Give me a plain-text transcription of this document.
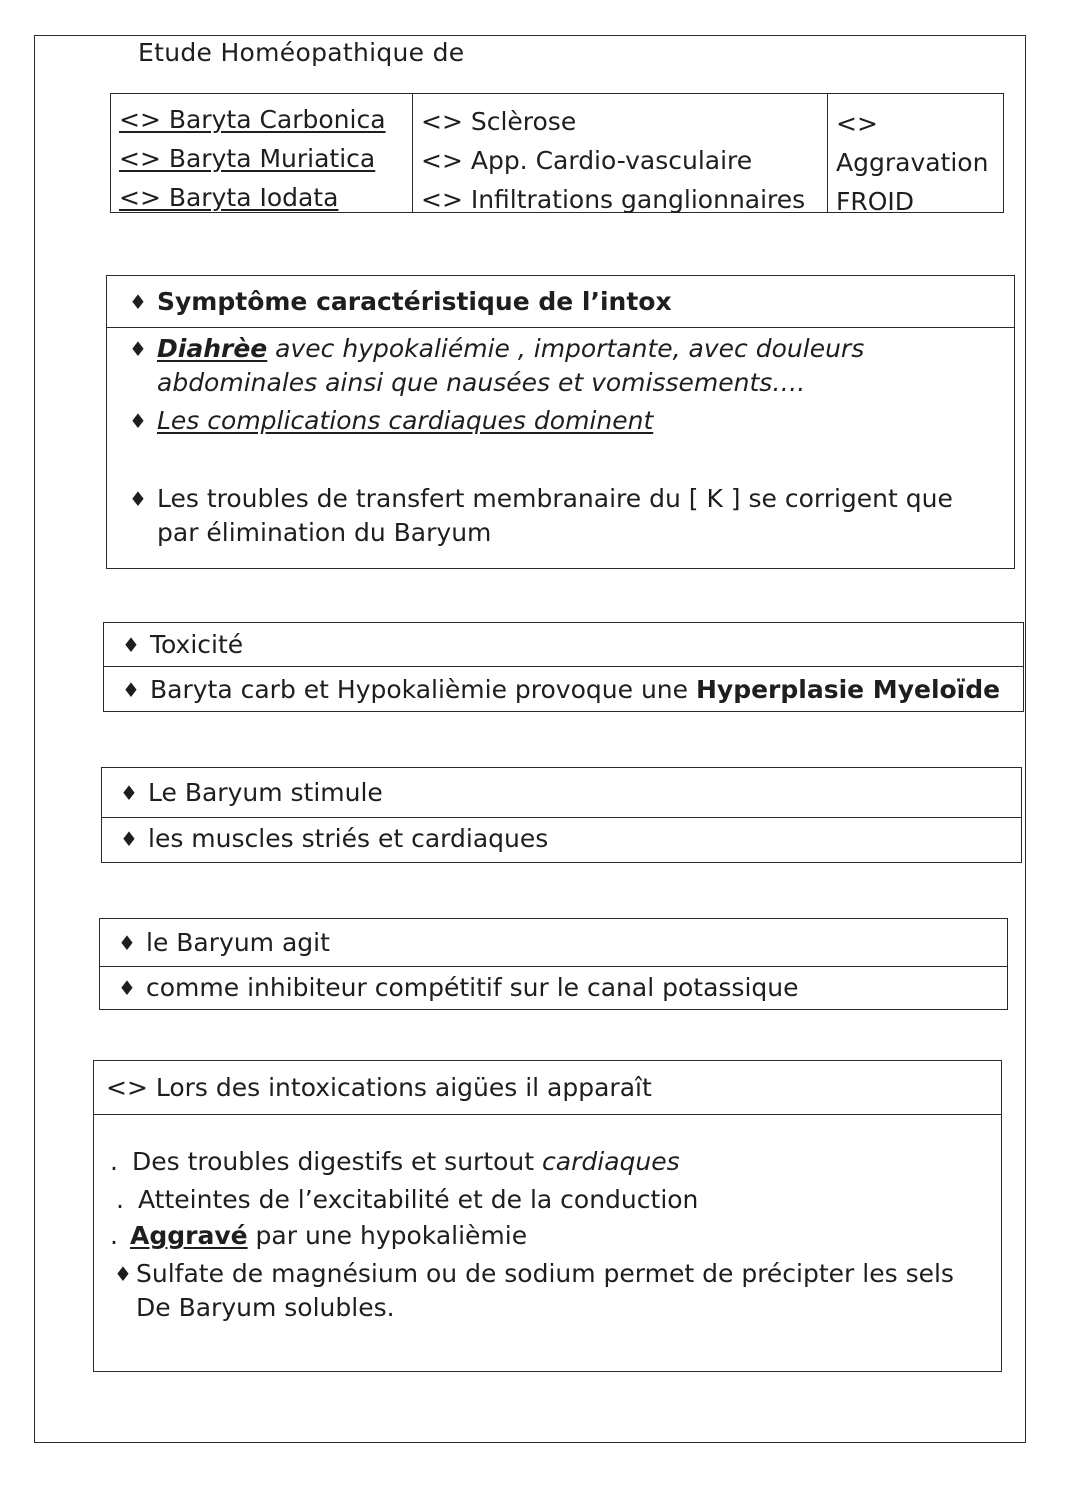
Etude Homéopathique de
<> Baryta Carbonica
<> Baryta Muriatica
<> Baryta Iodata
<> Sclèrose
<> App. Cardio-vasculaire
<> Infiltrations ganglionnaires
<>
Aggravation
FROID
♦ Symptôme caractéristique de l’intox
♦ Diahrèe avec hypokaliémie , importante, avec douleurs
abdominales ainsi que nausées et vomissements….
♦ Les complications cardiaques dominent
♦ Les troubles de transfert membranaire du [ K ] se corrigent que
par élimination du Baryum
♦ Toxicité
♦ Baryta carb et Hypokalièmie provoque une Hyperplasie Myeloïde
♦ Le Baryum stimule
♦ les muscles striés et cardiaques
♦ le Baryum agit
♦ comme inhibiteur compétitif sur le canal potassique
<> Lors des intoxications aigües il apparaît
. Des troubles digestifs et surtout cardiaques
. Atteintes de l’excitabilité et de la conduction
. Aggravé par une hypokalièmie
♦ Sulfate de magnésium ou de sodium permet de précipter les sels
De Baryum solubles.
